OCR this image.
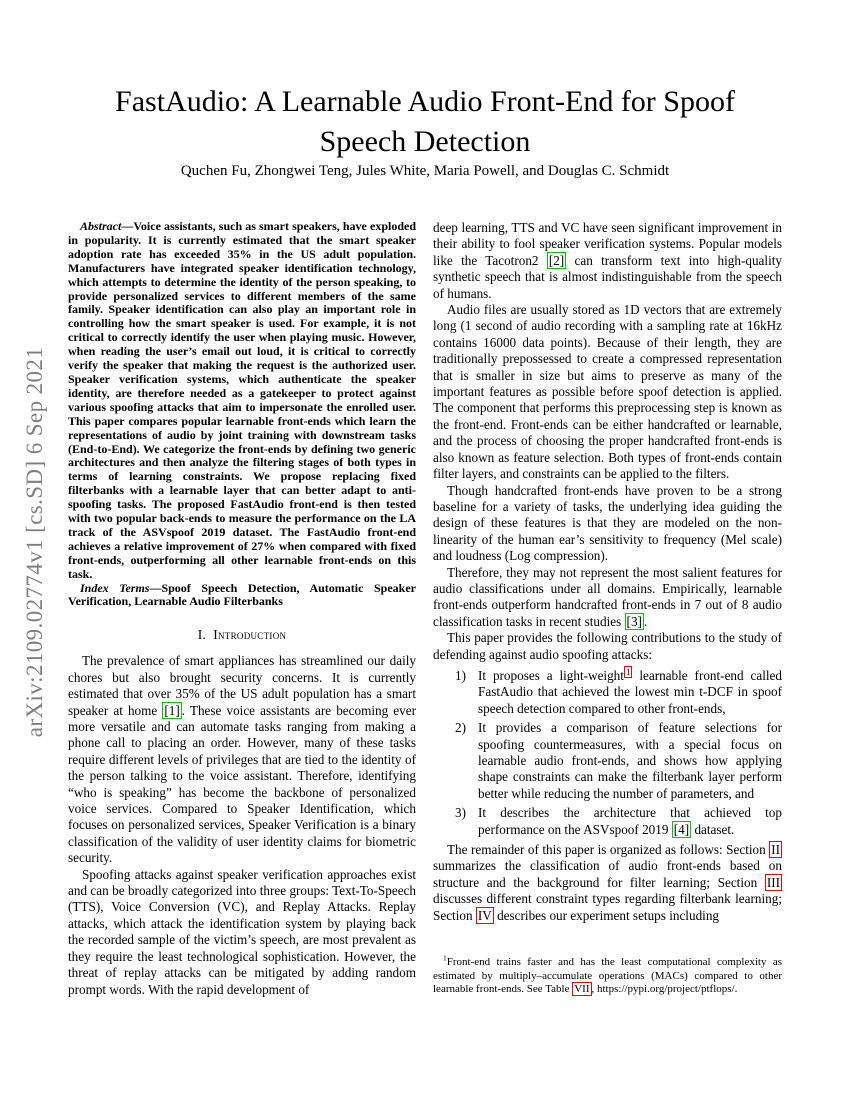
arXiv:2109.02774v1 [cs.SD] 6 Sep 2021
FastAudio: A Learnable Audio Front-End for Spoof
Speech Detection
Quchen Fu, Zhongwei Teng, Jules White, Maria Powell, and Douglas C. Schmidt

Abstract—Voice assistants, such as smart speakers, have exploded in popularity. It is currently estimated that the smart speaker adoption rate has exceeded 35% in the US adult population. Manufacturers have integrated speaker identification technology, which attempts to determine the identity of the person speaking, to provide personalized services to different members of the same family. Speaker identification can also play an important role in controlling how the smart speaker is used. For example, it is not critical to correctly identify the user when playing music. However, when reading the user’s email out loud, it is critical to correctly verify the speaker that making the request is the authorized user. Speaker verification systems, which authenticate the speaker identity, are therefore needed as a gatekeeper to protect against various spoofing attacks that aim to impersonate the enrolled user. This paper compares popular learnable front-ends which learn the representations of audio by joint training with downstream tasks (End-to-End). We categorize the front-ends by defining two generic architectures and then analyze the filtering stages of both types in terms of learning constraints. We propose replacing fixed filterbanks with a learnable layer that can better adapt to anti-spoofing tasks. The proposed FastAudio front-end is then tested with two popular back-ends to measure the performance on the LA track of the ASVspoof 2019 dataset. The FastAudio front-end achieves a relative improvement of 27% when compared with fixed front-ends, outperforming all other learnable front-ends on this task.

Index Terms—Spoof Speech Detection, Automatic Speaker Verification, Learnable Audio Filterbanks

I. Introduction

The prevalence of smart appliances has streamlined our daily chores but also brought security concerns. It is currently estimated that over 35% of the US adult population has a smart speaker at home [1] . These voice assistants are becoming ever more versatile and can automate tasks ranging from making a phone call to placing an order. However, many of these tasks require different levels of privileges that are tied to the identity of the person talking to the voice assistant. Therefore, identifying “who is speaking” has become the backbone of personalized voice services. Compared to Speaker Identification, which focuses on personalized services, Speaker Verification is a binary classification of the validity of user identity claims for biometric security.

Spoofing attacks against speaker verification approaches exist and can be broadly categorized into three groups: Text-To-Speech (TTS), Voice Conversion (VC), and Replay Attacks. Replay attacks, which attack the identification system by playing back the recorded sample of the victim’s speech, are most prevalent as they require the least technological sophistication. However, the threat of replay attacks can be mitigated by adding random prompt words. With the rapid development of

deep learning, TTS and VC have seen significant improvement in their ability to fool speaker verification systems. Popular models like the Tacotron2 [2] can transform text into high-quality synthetic speech that is almost indistinguishable from the speech of humans.

Audio files are usually stored as 1D vectors that are extremely long (1 second of audio recording with a sampling rate at 16kHz contains 16000 data points). Because of their length, they are traditionally prepossessed to create a compressed representation that is smaller in size but aims to preserve as many of the important features as possible before spoof detection is applied. The component that performs this preprocessing step is known as the front-end. Front-ends can be either handcrafted or learnable, and the process of choosing the proper handcrafted front-ends is also known as feature selection. Both types of front-ends contain filter layers, and constraints can be applied to the filters.

Though handcrafted front-ends have proven to be a strong baseline for a variety of tasks, the underlying idea guiding the design of these features is that they are modeled on the non-linearity of the human ear’s sensitivity to frequency (Mel scale) and loudness (Log compression).

Therefore, they may not represent the most salient features for audio classifications under all domains. Empirically, learnable front-ends outperform handcrafted front-ends in 7 out of 8 audio classification tasks in recent studies [3] .

This paper provides the following contributions to the study of defending against audio spoofing attacks:

It proposes a light-weight $^1$ learnable front-end called FastAudio that achieved the lowest min t-DCF in spoof speech detection compared to other front-ends,
It provides a comparison of feature selections for spoofing countermeasures, with a special focus on learnable audio front-ends, and shows how applying shape constraints can make the filterbank layer perform better while reducing the number of parameters, and
It describes the architecture that achieved top performance on the ASVspoof 2019 [4] dataset.

The remainder of this paper is organized as follows: Section II summarizes the classification of audio front-ends based on structure and the background for filter learning; Section III discusses different constraint types regarding filterbank learning; Section IV describes our experiment setups including

$^1$Front-end trains faster and has the least computational complexity as estimated by multiply–accumulate operations (MACs) compared to other learnable front-ends. See Table VII , https://pypi.org/project/ptflops/.
